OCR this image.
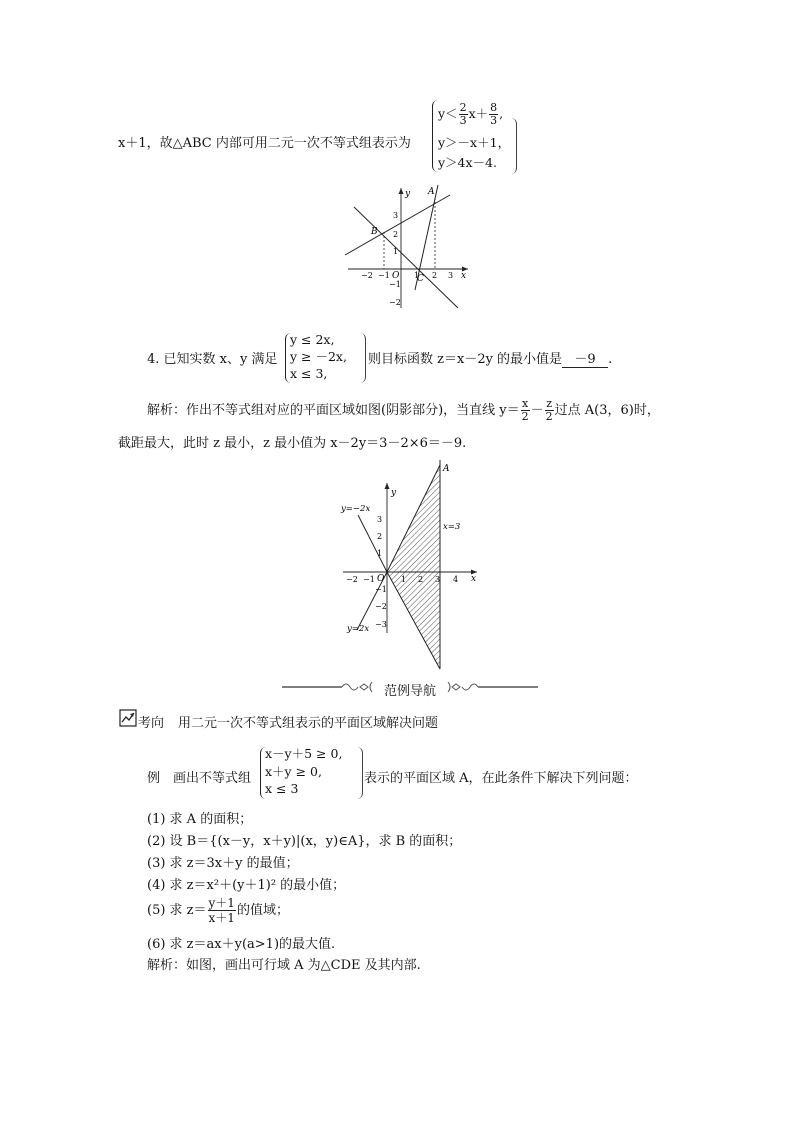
x＋1，故△ABC 内部可用二元一次不等式组表示为
$y< \frac{2}{3} x+ \frac{8}{3}$ ,
y＞－x＋1，
y＞4x－4.
A
B
C
O	x
y
−2 −1	1 2 3
3
2
1
−1
−2
4. 已知实数 x、y 满足
y ≤ 2x,
y ≥ －2x,
x ≤ 3,
则目标函数 z＝x－2y 的最小值是 －9 .
解析：作出不等式组对应的平面区域如图(阴影部分)，当直线 $y= \frac{x}{2} - \frac{z}{2}$ 过点 A(3，6)时，
截距最大，此时 z 最小，z 最小值为 x－2y＝3－2×6＝－9.
A
O	x
y
y=−2x
y=2x
x=3
−2 −1	1 2 3 4
3
2
1
−1
−2
−3
范例导航
考向 用二元一次不等式组表示的平面区域解决问题
例　画出不等式组
x－y＋5 ≥ 0,
x＋y ≥ 0,
x ≤ 3
表示的平面区域 A，在此条件下解决下列问题：
(1) 求 A 的面积；
(2) 设 B＝{(x－y，x＋y)|(x，y)∈A}，求 B 的面积；
(3) 求 z＝3x＋y 的最值；
(4) 求 z＝x²＋(y＋1)² 的最小值；
(5) 求 $z= \frac{y+1}{x+1}$ 的值域；
(6) 求 z＝ax＋y(a>1)的最大值.
解析：如图，画出可行域 A 为△CDE 及其内部.
